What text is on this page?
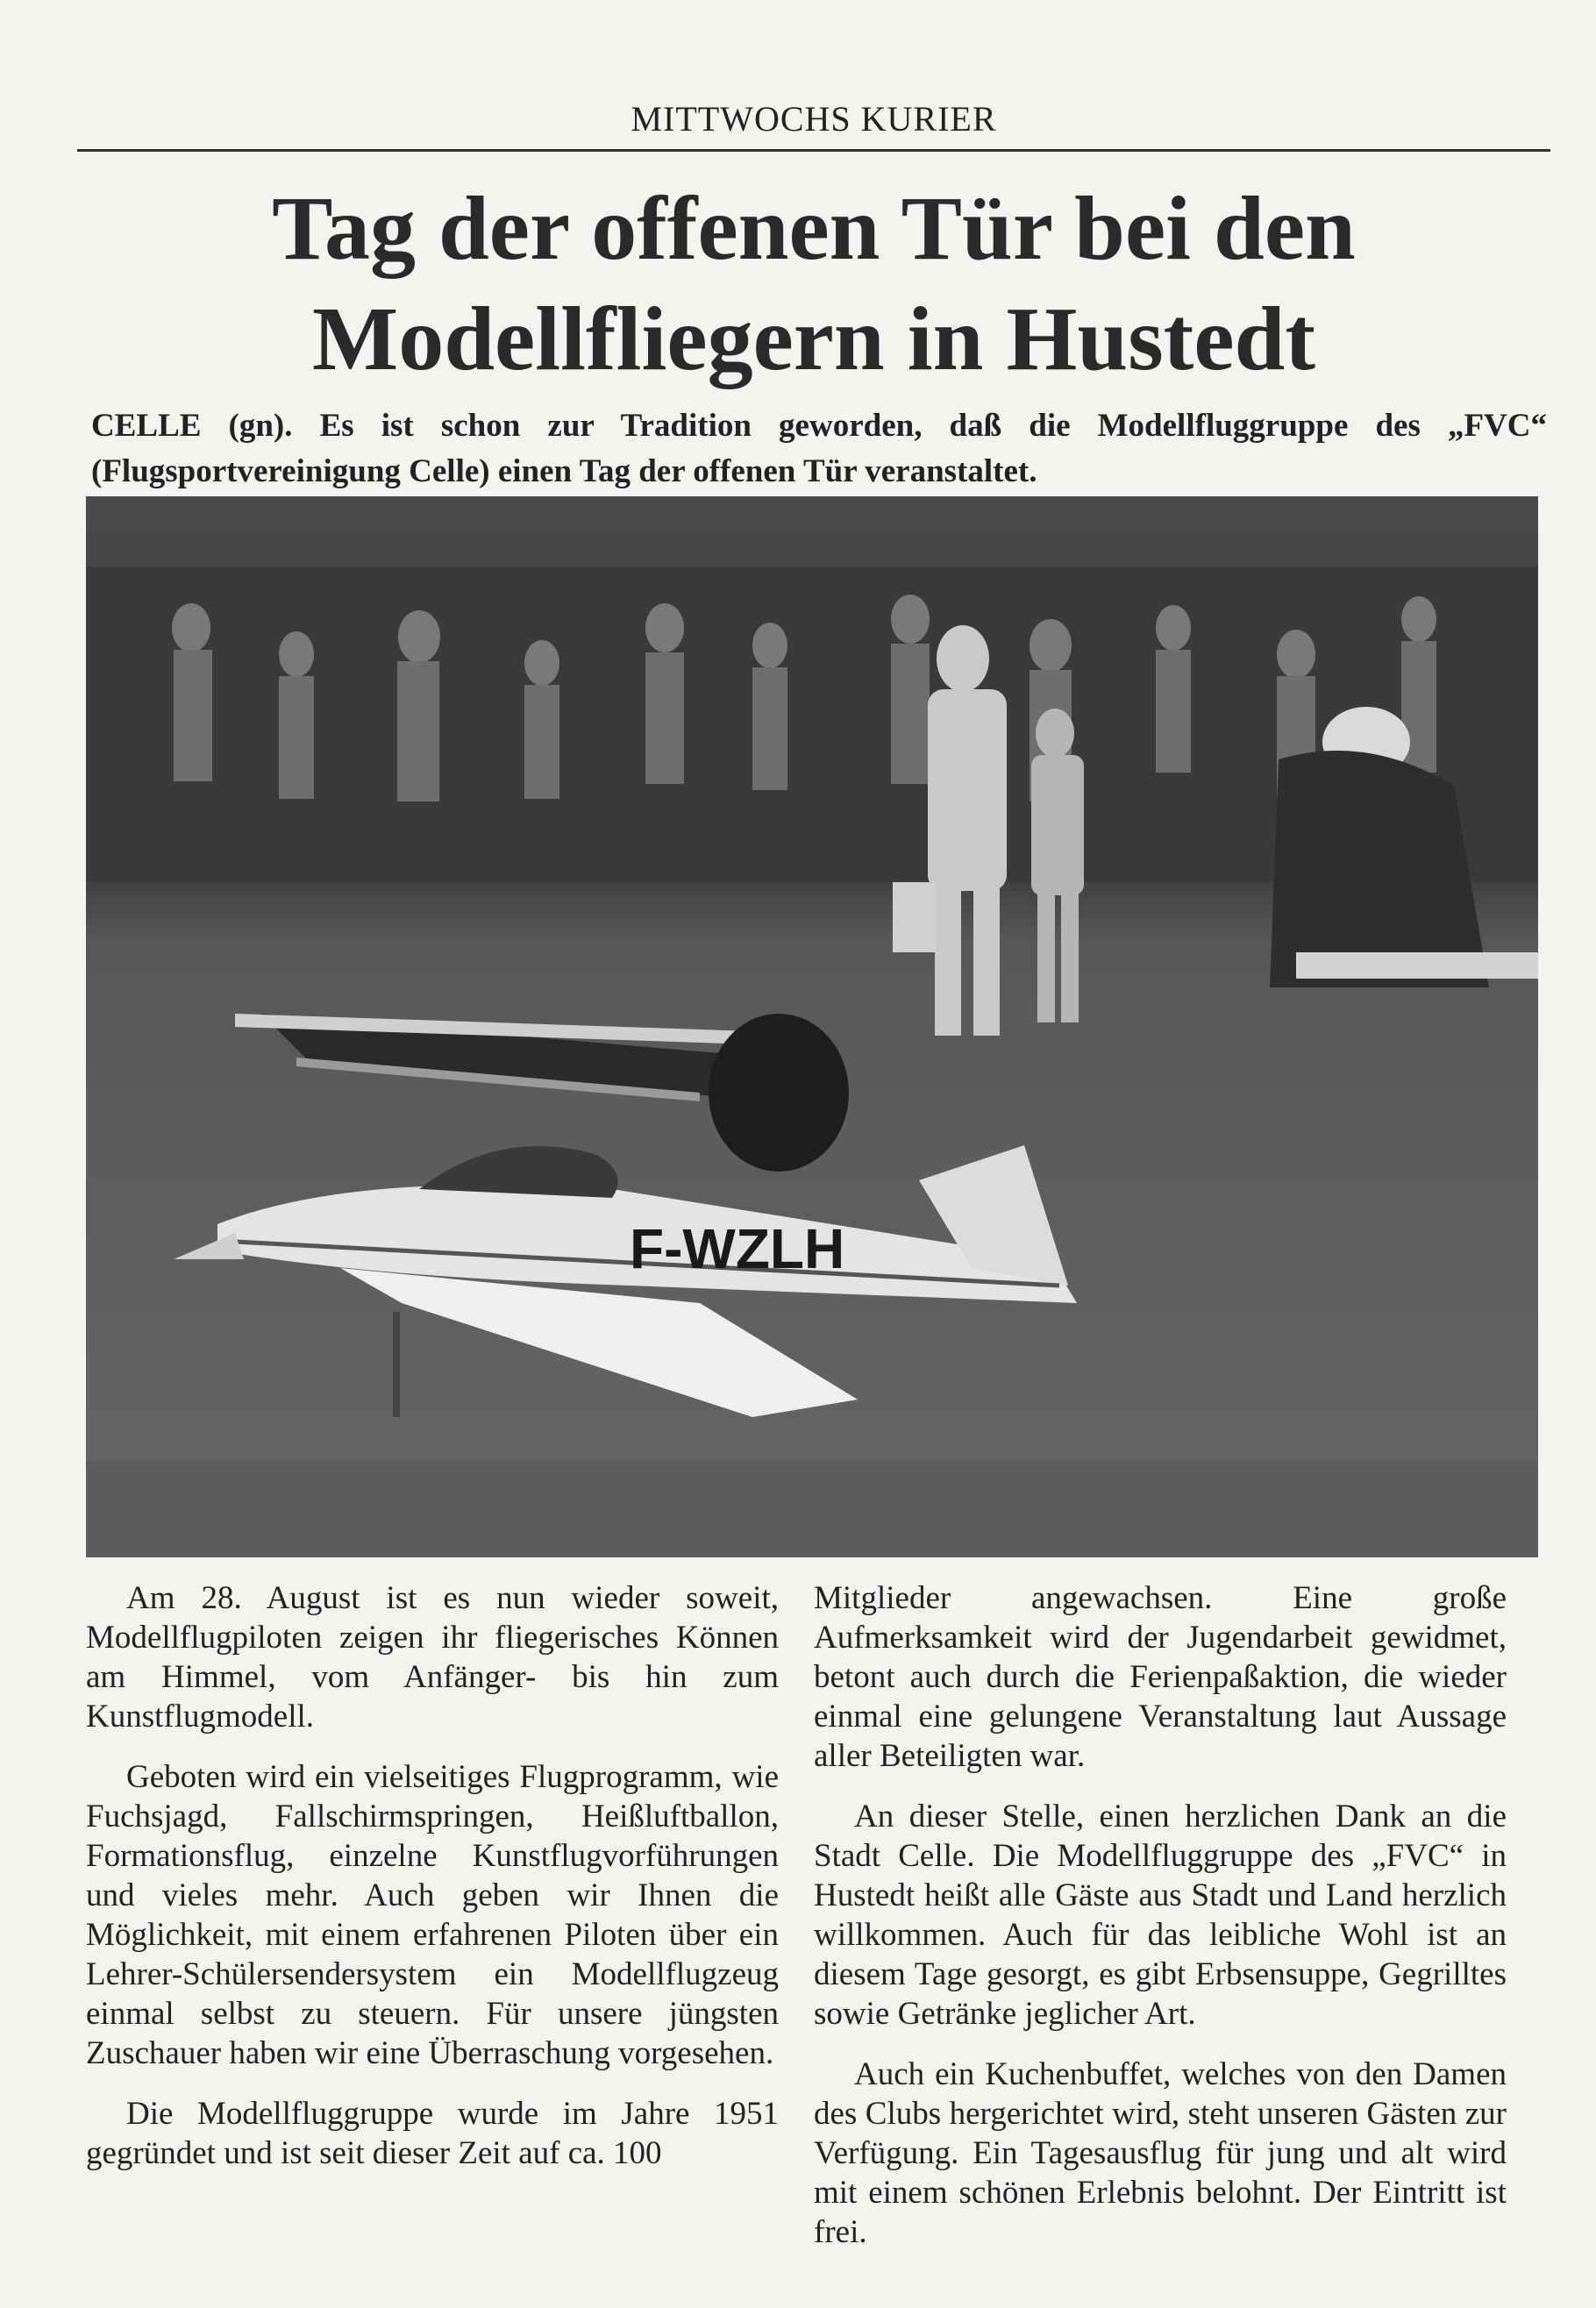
MITTWOCHS KURIER
Tag der offenen Tür bei den
Modellfliegern in Hustedt
CELLE (gn). Es ist schon zur Tradition geworden, daß die Modellfluggruppe des „FVC“ (Flugsportvereinigung Celle) einen Tag der offenen Tür veranstaltet.
F-WZLH

Am 28. August ist es nun wieder soweit, Modellflugpiloten zeigen ihr fliegerisches Können am Himmel, vom Anfänger- bis hin zum Kunstflugmodell.

Geboten wird ein vielseitiges Flugprogramm, wie Fuchsjagd, Fallschirmspringen, Heißluftballon, Formationsflug, einzelne Kunstflugvorführungen und vieles mehr. Auch geben wir Ihnen die Möglichkeit, mit einem erfahrenen Piloten über ein Lehrer-Schülersendersystem ein Modellflugzeug einmal selbst zu steuern. Für unsere jüngsten Zuschauer haben wir eine Überraschung vorgesehen.

Die Modellfluggruppe wurde im Jahre 1951 gegründet und ist seit dieser Zeit auf ca. 100

Mitglieder angewachsen. Eine große Aufmerksamkeit wird der Jugendarbeit gewidmet, betont auch durch die Ferienpaßaktion, die wieder einmal eine gelungene Veranstaltung laut Aussage aller Beteiligten war.

An dieser Stelle, einen herzlichen Dank an die Stadt Celle. Die Modellfluggruppe des „FVC“ in Hustedt heißt alle Gäste aus Stadt und Land herzlich willkommen. Auch für das leibliche Wohl ist an diesem Tage gesorgt, es gibt Erbsensuppe, Gegrilltes sowie Getränke jeglicher Art.

Auch ein Kuchenbuffet, welches von den Damen des Clubs hergerichtet wird, steht unseren Gästen zur Verfügung. Ein Tagesausflug für jung und alt wird mit einem schönen Erlebnis belohnt. Der Eintritt ist frei.
